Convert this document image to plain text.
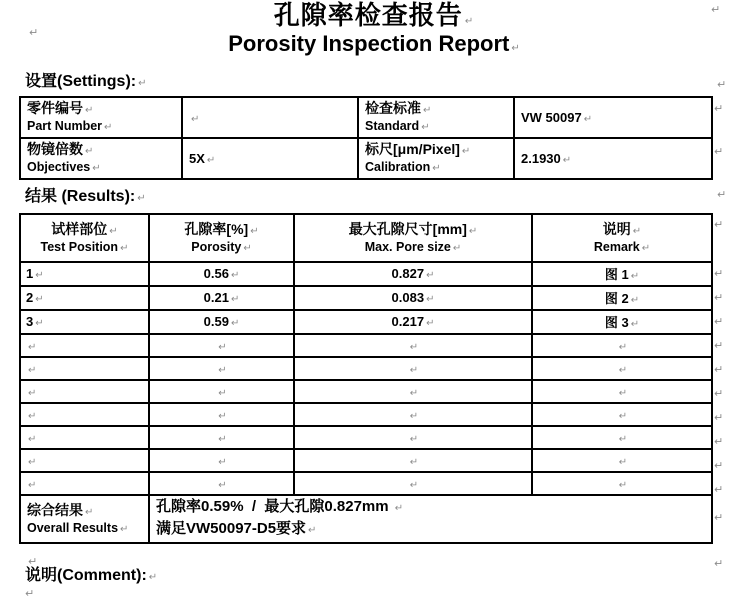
孔隙率检查报告 ↵
Porosity Inspection Report ↵
设置(Settings): ↵
零件编号 ↵
Part Number ↵	↵	检查标准 ↵
Standard ↵	VW 50097 ↵

物镜倍数 ↵
Objectives ↵	5X ↵	标尺[μm/Pixel] ↵
Calibration ↵	2.1930 ↵
结果 (Results): ↵
试样部位 ↵
Test Position ↵	孔隙率[%] ↵
Porosity ↵	最大孔隙尺寸[mm] ↵
Max. Pore size ↵	说明 ↵
Remark ↵

1 ↵	0.56 ↵	0.827 ↵	图 1 ↵
2 ↵	0.21 ↵	0.083 ↵	图 2 ↵
3 ↵	0.59 ↵	0.217 ↵	图 3 ↵
↵	↵	↵	↵
↵	↵	↵	↵
↵	↵	↵	↵
↵	↵	↵	↵
↵	↵	↵	↵
↵	↵	↵	↵
↵	↵	↵	↵

综合结果 ↵
Overall Results ↵	孔隙率0.59%  /  最大孔隙0.827mm ↵
满足VW50097-D5要求 ↵		
说明(Comment): ↵
↵
↵
↵
↵
↵
↵
↵
↵
↵
↵
↵
↵
↵
↵
↵
↵
↵
↵
↵
↵
↵
